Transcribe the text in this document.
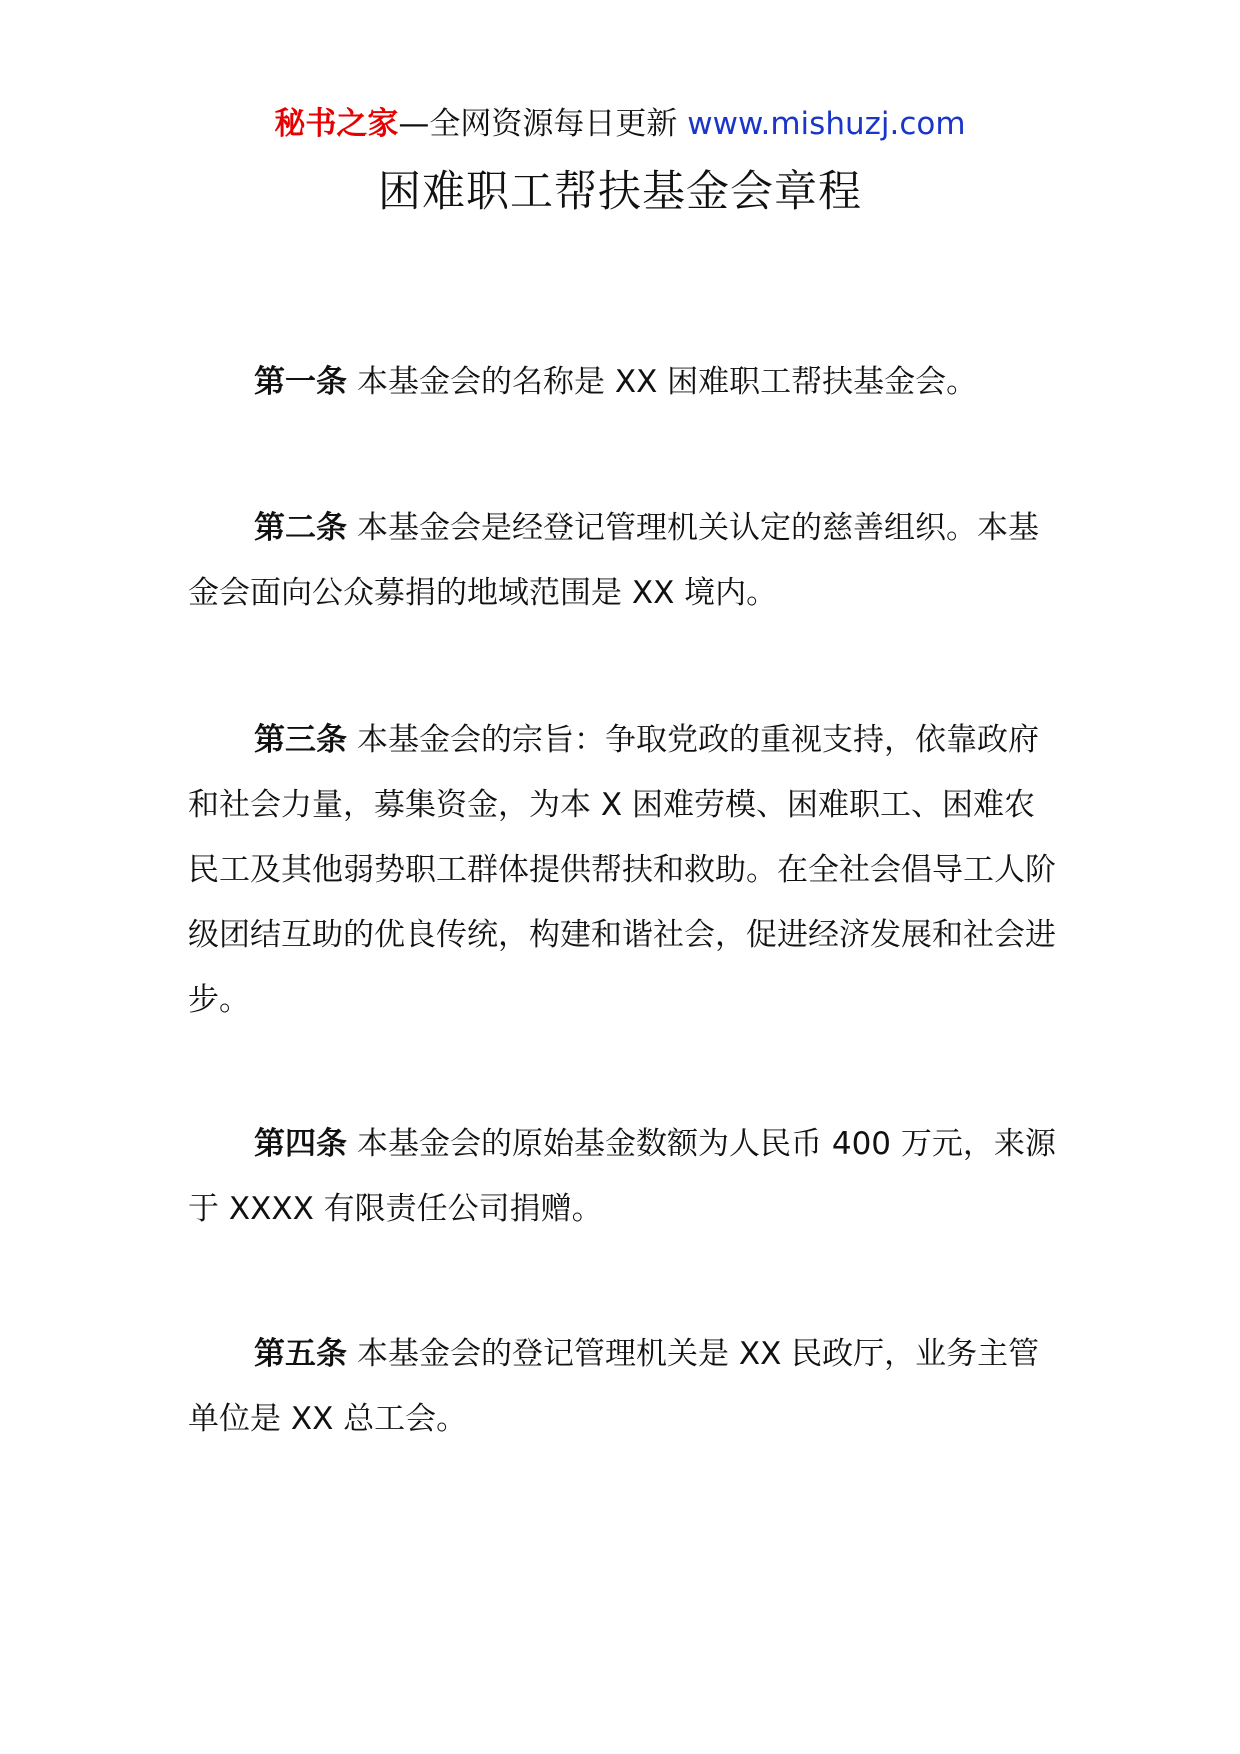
秘书之家—全网资源每日更新 www.mishuzj.com
困难职工帮扶基金会章程

第一条 本基金会的名称是 XX 困难职工帮扶基金会。

第二条 本基金会是经登记管理机关认定的慈善组织。本基金会面向公众募捐的地域范围是 XX 境内。

第三条 本基金会的宗旨：争取党政的重视支持，依靠政府和社会力量，募集资金，为本 X 困难劳模、困难职工、困难农民工及其他弱势职工群体提供帮扶和救助。在全社会倡导工人阶级团结互助的优良传统，构建和谐社会，促进经济发展和社会进步。

第四条 本基金会的原始基金数额为人民币 400 万元，来源于 XXXX 有限责任公司捐赠。

第五条 本基金会的登记管理机关是 XX 民政厅，业务主管单位是 XX 总工会。
